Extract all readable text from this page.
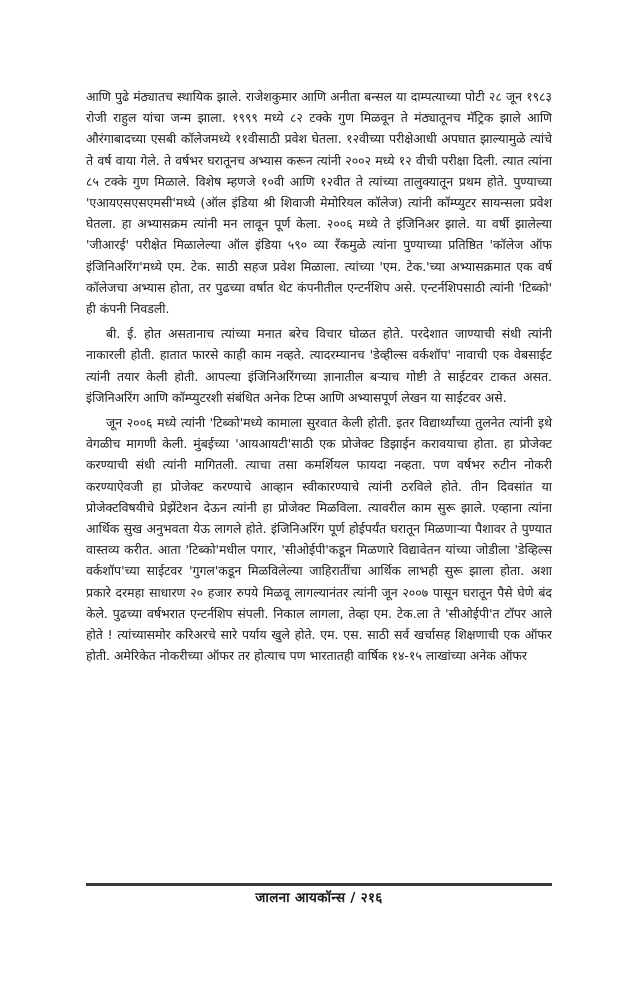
आणि पुढे मंठ्यातच स्थायिक झाले. राजेशकुमार आणि अनीता बन्सल या दाम्पत्याच्या पोटी २८ जून १९८३ रोजी राहुल यांचा जन्म झाला. १९९९ मध्ये ८२ टक्के गुण मिळवून ते मंठ्यातूनच मॅट्रिक झाले आणि औरंगाबादच्या एसबी कॉलेजमध्ये ११वीसाठी प्रवेश घेतला. १२वीच्या परीक्षेआधी अपघात झाल्यामुळे त्यांचे ते वर्ष वाया गेले. ते वर्षभर घरातूनच अभ्यास करून त्यांनी २००२ मध्ये १२ वीची परीक्षा दिली. त्यात त्यांना ८५ टक्के गुण मिळाले. विशेष म्हणजे १०वी आणि १२वीत ते त्यांच्या तालुक्यातून प्रथम होते. पुण्याच्या 'एआयएसएसएमसी'मध्ये (ऑल इंडिया श्री शिवाजी मेमोरियल कॉलेज) त्यांनी कॉम्प्युटर सायन्सला प्रवेश घेतला. हा अभ्यासक्रम त्यांनी मन लावून पूर्ण केला. २००६ मध्ये ते इंजिनिअर झाले. या वर्षी झालेल्या 'जीआरई' परीक्षेत मिळालेल्या ऑल इंडिया ५९० व्या रँकमुळे त्यांना पुण्याच्या प्रतिष्ठित 'कॉलेज ऑफ इंजिनिअरिंग'मध्ये एम. टेक. साठी सहज प्रवेश मिळाला. त्यांच्या 'एम. टेक.'च्या अभ्यासक्रमात एक वर्ष कॉलेजचा अभ्यास होता, तर पुढच्या वर्षात थेट कंपनीतील एन्टर्नशिप असे. एन्टर्नशिपसाठी त्यांनी 'टिब्को' ही कंपनी निवडली.

बी. ई. होत असतानाच त्यांच्या मनात बरेच विचार घोळत होते. परदेशात जाण्याची संधी त्यांनी नाकारली होती. हातात फारसे काही काम नव्हते. त्यादरम्यानच 'डेव्हील्स वर्कशॉप' नावाची एक वेबसाईट त्यांनी तयार केली होती. आपल्या इंजिनिअरिंगच्या ज्ञानातील बऱ्याच गोष्टी ते साईटवर टाकत असत. इंजिनिअरिंग आणि कॉम्प्युटरशी संबंधित अनेक टिप्स आणि अभ्यासपूर्ण लेखन या साईटवर असे.

जून २००६ मध्ये त्यांनी 'टिब्को'मध्ये कामाला सुरवात केली होती. इतर विद्यार्थ्यांच्या तुलनेत त्यांनी इथे वेगळीच मागणी केली. मुंबईच्या 'आयआयटी'साठी एक प्रोजेक्ट डिझाईन करावयाचा होता. हा प्रोजेक्ट करण्याची संधी त्यांनी मागितली. त्याचा तसा कमर्शियल फायदा नव्हता. पण वर्षभर रुटीन नोकरी करण्याऐवजी हा प्रोजेक्ट करण्याचे आव्हान स्वीकारण्याचे त्यांनी ठरविले होते. तीन दिवसांत या प्रोजेक्टविषयीचे प्रेझेंटेशन देऊन त्यांनी हा प्रोजेक्ट मिळविला. त्यावरील काम सुरू झाले. एव्हाना त्यांना आर्थिक सुख अनुभवता येऊ लागले होते. इंजिनिअरिंग पूर्ण होईपर्यंत घरातून मिळणाऱ्या पैशावर ते पुण्यात वास्तव्य करीत. आता 'टिब्को'मधील पगार, 'सीओईपी'कडून मिळणारे विद्यावेतन यांच्या जोडीला 'डेव्हिल्स वर्कशॉप'च्या साईटवर 'गुगल'कडून मिळविलेल्या जाहिरातींचा आर्थिक लाभही सुरू झाला होता. अशा प्रकारे दरमहा साधारण २० हजार रुपये मिळवू लागल्यानंतर त्यांनी जून २००७ पासून घरातून पैसे घेणे बंद केले. पुढच्या वर्षभरात एन्टर्नशिप संपली. निकाल लागला, तेव्हा एम. टेक.ला ते 'सीओईपी'त टॉपर आले होते ! त्यांच्यासमोर करिअरचे सारे पर्याय खुले होते. एम. एस. साठी सर्व खर्चासह शिक्षणाची एक ऑफर होती. अमेरिकेत नोकरीच्या ऑफर तर होत्याच पण भारतातही वार्षिक १४-१५ लाखांच्या अनेक ऑफर

जालना आयकॉन्स / २१६
